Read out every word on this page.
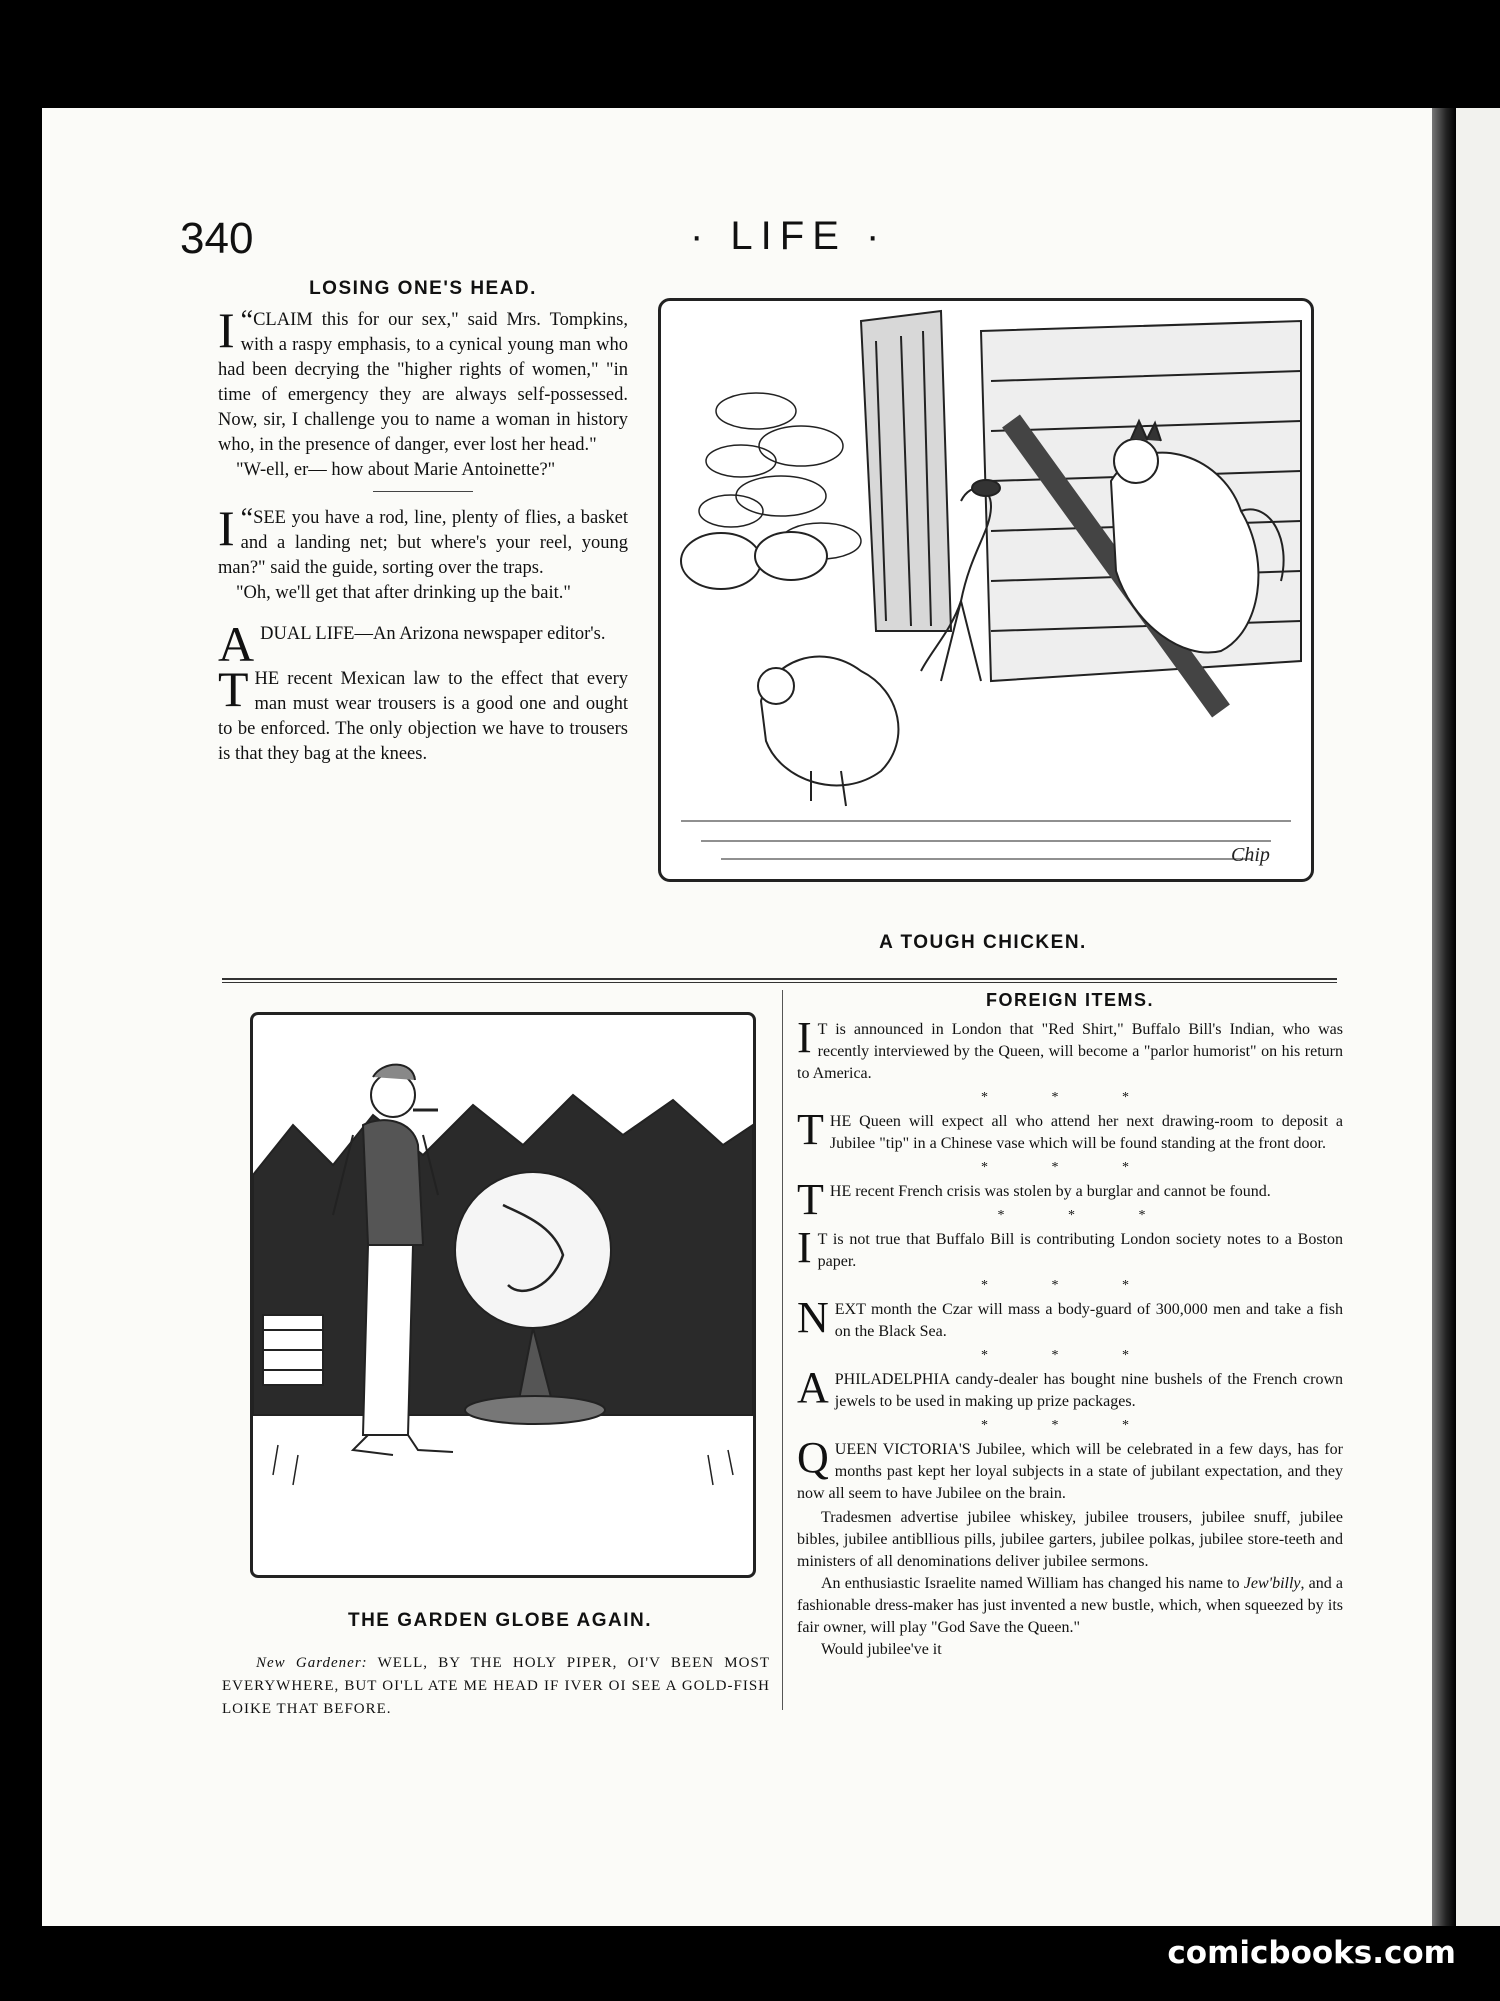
340	· LIFE ·
LOSING ONE'S HEAD.

“
I CLAIM this for our sex," said Mrs. Tompkins, with a raspy emphasis, to a cynical young man who had been decrying the "higher rights of women," "in time of emergency they are always self-possessed. Now, sir, I challenge you to name a woman in history who, in the presence of danger, ever lost her head."

"W-ell, er— how about Marie Antoinette?"

“
I SEE you have a rod, line, plenty of flies, a basket and a landing net; but where's your reel, young man?" said the guide, sorting over the traps.

"Oh, we'll get that after drinking up the bait."

ADUAL LIFE—An Arizona newspaper editor's.

THE recent Mexican law to the effect that every man must wear trousers is a good one and ought to be enforced. The only objection we have to trousers is that they bag at the knees.

Chip
A TOUGH CHICKEN.
THE GARDEN GLOBE AGAIN.
New Gardener: WELL, BY THE HOLY PIPER, OI'V BEEN MOST EVERYWHERE, BUT OI'LL ATE ME HEAD IF IVER OI SEE A GOLD-FISH LOIKE THAT BEFORE.
FOREIGN ITEMS.

I T is announced in London that "Red Shirt," Buffalo Bill's Indian, who was recently interviewed by the Queen, will become a "parlor humorist" on his return to America.

* * *

THE Queen will expect all who attend her next drawing-room to deposit a Jubilee "tip" in a Chinese vase which will be found standing at the front door.

* * *

THE recent French crisis was stolen by a burglar and cannot be found.

* * *

I T is not true that Buffalo Bill is contributing London society notes to a Boston paper.

* * *

NEXT month the Czar will mass a body-guard of 300,000 men and take a fish on the Black Sea.

* * *

APHILADELPHIA candy-dealer has bought nine bushels of the French crown jewels to be used in making up prize packages.

* * *

QUEEN VICTORIA'S Jubilee, which will be celebrated in a few days, has for months past kept her loyal subjects in a state of jubilant expectation, and they now all seem to have Jubilee on the brain.

Tradesmen advertise jubilee whiskey, jubilee trousers, jubilee snuff, jubilee bibles, jubilee antibllious pills, jubilee garters, jubilee polkas, jubilee store-teeth and ministers of all denominations deliver jubilee sermons.

An enthusiastic Israelite named William has changed his name to Jew'billy, and a fashionable dress-maker has just invented a new bustle, which, when squeezed by its fair owner, will play "God Save the Queen."

Would jubilee've it

comicbooks.com
